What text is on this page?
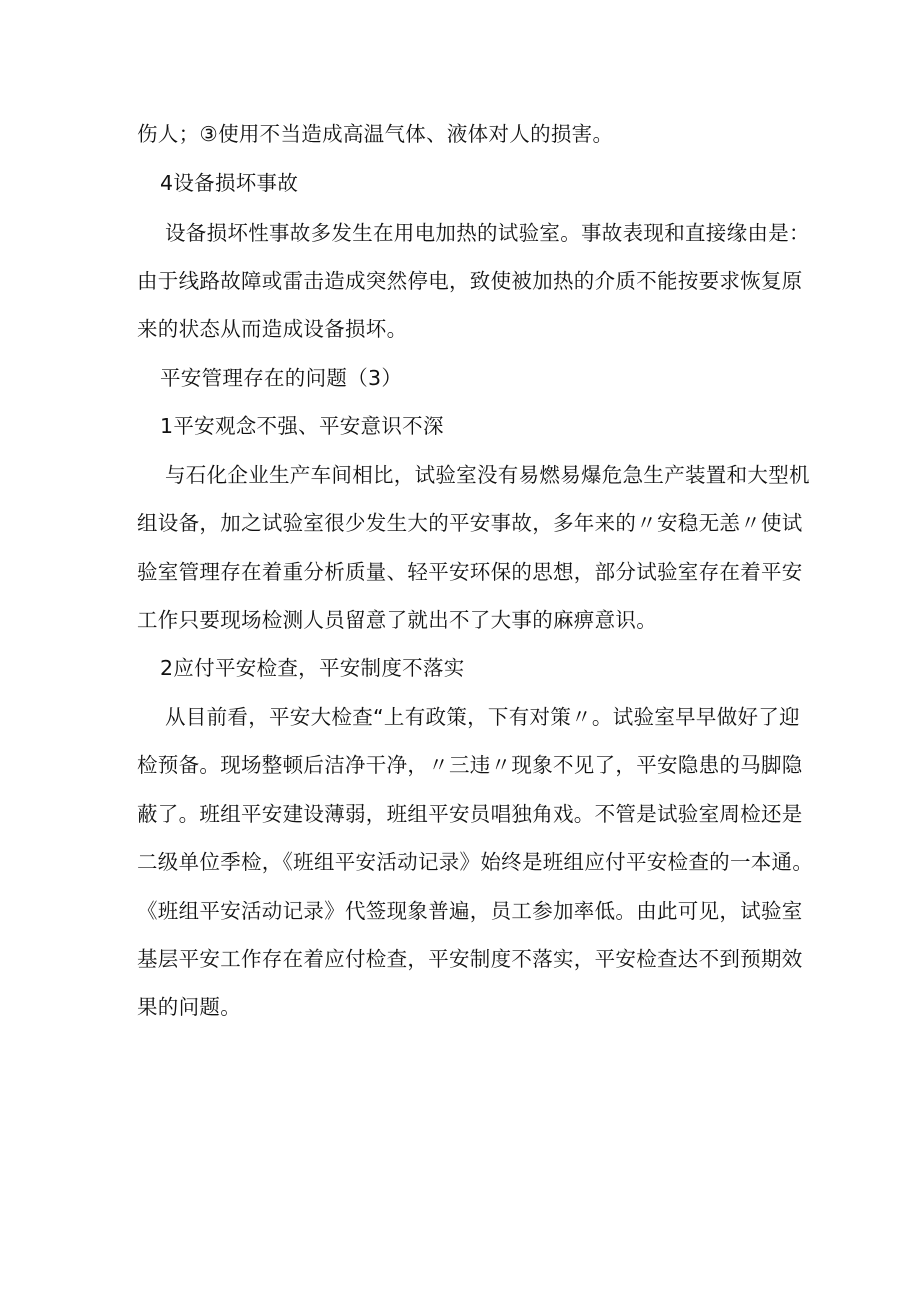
伤人；③使用不当造成高温气体、液体对人的损害。
4设备损坏事故
设备损坏性事故多发生在用电加热的试验室。事故表现和直接缘由是：
由于线路故障或雷击造成突然停电，致使被加热的介质不能按要求恢复原
来的状态从而造成设备损坏。
平安管理存在的问题（3）
1平安观念不强、平安意识不深
与石化企业生产车间相比，试验室没有易燃易爆危急生产装置和大型机
组设备，加之试验室很少发生大的平安事故，多年来的〃安稳无恙〃使试
验室管理存在着重分析质量、轻平安环保的思想，部分试验室存在着平安
工作只要现场检测人员留意了就出不了大事的麻痹意识。
2应付平安检查，平安制度不落实
从目前看，平安大检查“上有政策，下有对策〃。试验室早早做好了迎
检预备。现场整顿后洁净干净，〃三违〃现象不见了，平安隐患的马脚隐
蔽了。班组平安建设薄弱，班组平安员唱独角戏。不管是试验室周检还是
二级单位季检，《班组平安活动记录》始终是班组应付平安检查的一本通。
《班组平安活动记录》代签现象普遍，员工参加率低。由此可见，试验室
基层平安工作存在着应付检查，平安制度不落实，平安检查达不到预期效
果的问题。
